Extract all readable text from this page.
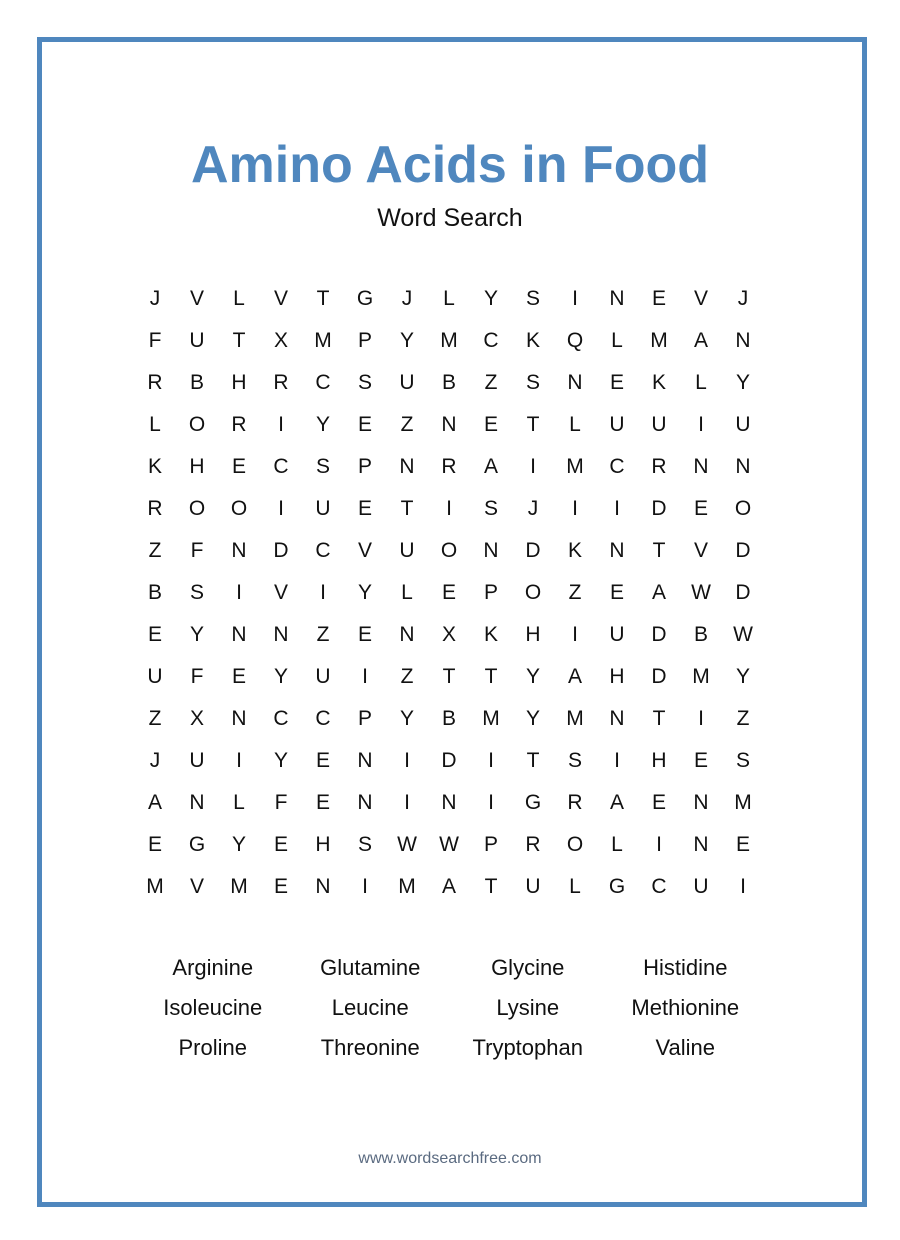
Amino Acids in Food
Word Search
J	V	L	V	T	G	J	L	Y	S	I	N	E	V	J
F	U	T	X	M	P	Y	M	C	K	Q	L	M	A	N
R	B	H	R	C	S	U	B	Z	S	N	E	K	L	Y
L	O	R	I	Y	E	Z	N	E	T	L	U	U	I	U
K	H	E	C	S	P	N	R	A	I	M	C	R	N	N
R	O	O	I	U	E	T	I	S	J	I	I	D	E	O
Z	F	N	D	C	V	U	O	N	D	K	N	T	V	D
B	S	I	V	I	Y	L	E	P	O	Z	E	A	W	D
E	Y	N	N	Z	E	N	X	K	H	I	U	D	B	W
U	F	E	Y	U	I	Z	T	T	Y	A	H	D	M	Y
Z	X	N	C	C	P	Y	B	M	Y	M	N	T	I	Z
J	U	I	Y	E	N	I	D	I	T	S	I	H	E	S
A	N	L	F	E	N	I	N	I	G	R	A	E	N	M
E	G	Y	E	H	S	W	W	P	R	O	L	I	N	E
M	V	M	E	N	I	M	A	T	U	L	G	C	U	I
Arginine	Glutamine	Glycine	Histidine
Isoleucine	Leucine	Lysine	Methionine
Proline	Threonine	Tryptophan	Valine
www.wordsearchfree.com
